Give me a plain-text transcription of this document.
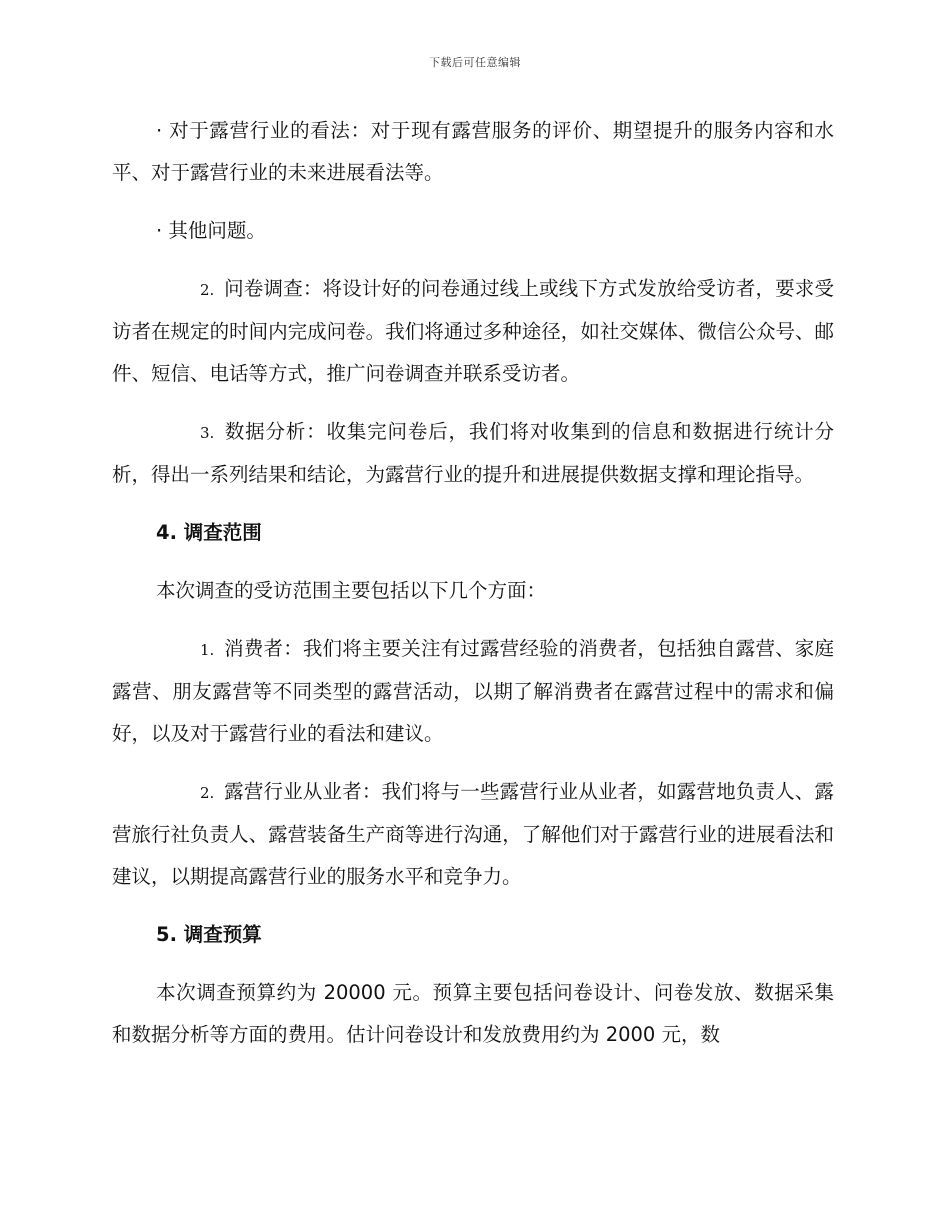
下载后可任意编辑

· 对于露营行业的看法：对于现有露营服务的评价、期望提升的服务内容和水平、对于露营行业的未来进展看法等。

· 其他问题。

2. 问卷调查：将设计好的问卷通过线上或线下方式发放给受访者，要求受访者在规定的时间内完成问卷。我们将通过多种途径，如社交媒体、微信公众号、邮件、短信、电话等方式，推广问卷调查并联系受访者。

3. 数据分析：收集完问卷后，我们将对收集到的信息和数据进行统计分析，得出一系列结果和结论，为露营行业的提升和进展提供数据支撑和理论指导。

4. 调查范围

本次调查的受访范围主要包括以下几个方面：

1. 消费者：我们将主要关注有过露营经验的消费者，包括独自露营、家庭露营、朋友露营等不同类型的露营活动，以期了解消费者在露营过程中的需求和偏好，以及对于露营行业的看法和建议。

2. 露营行业从业者：我们将与一些露营行业从业者，如露营地负责人、露营旅行社负责人、露营装备生产商等进行沟通，了解他们对于露营行业的进展看法和建议，以期提高露营行业的服务水平和竞争力。

5. 调查预算

本次调查预算约为 20000 元。预算主要包括问卷设计、问卷发放、数据采集和数据分析等方面的费用。估计问卷设计和发放费用约为 2000 元，数
